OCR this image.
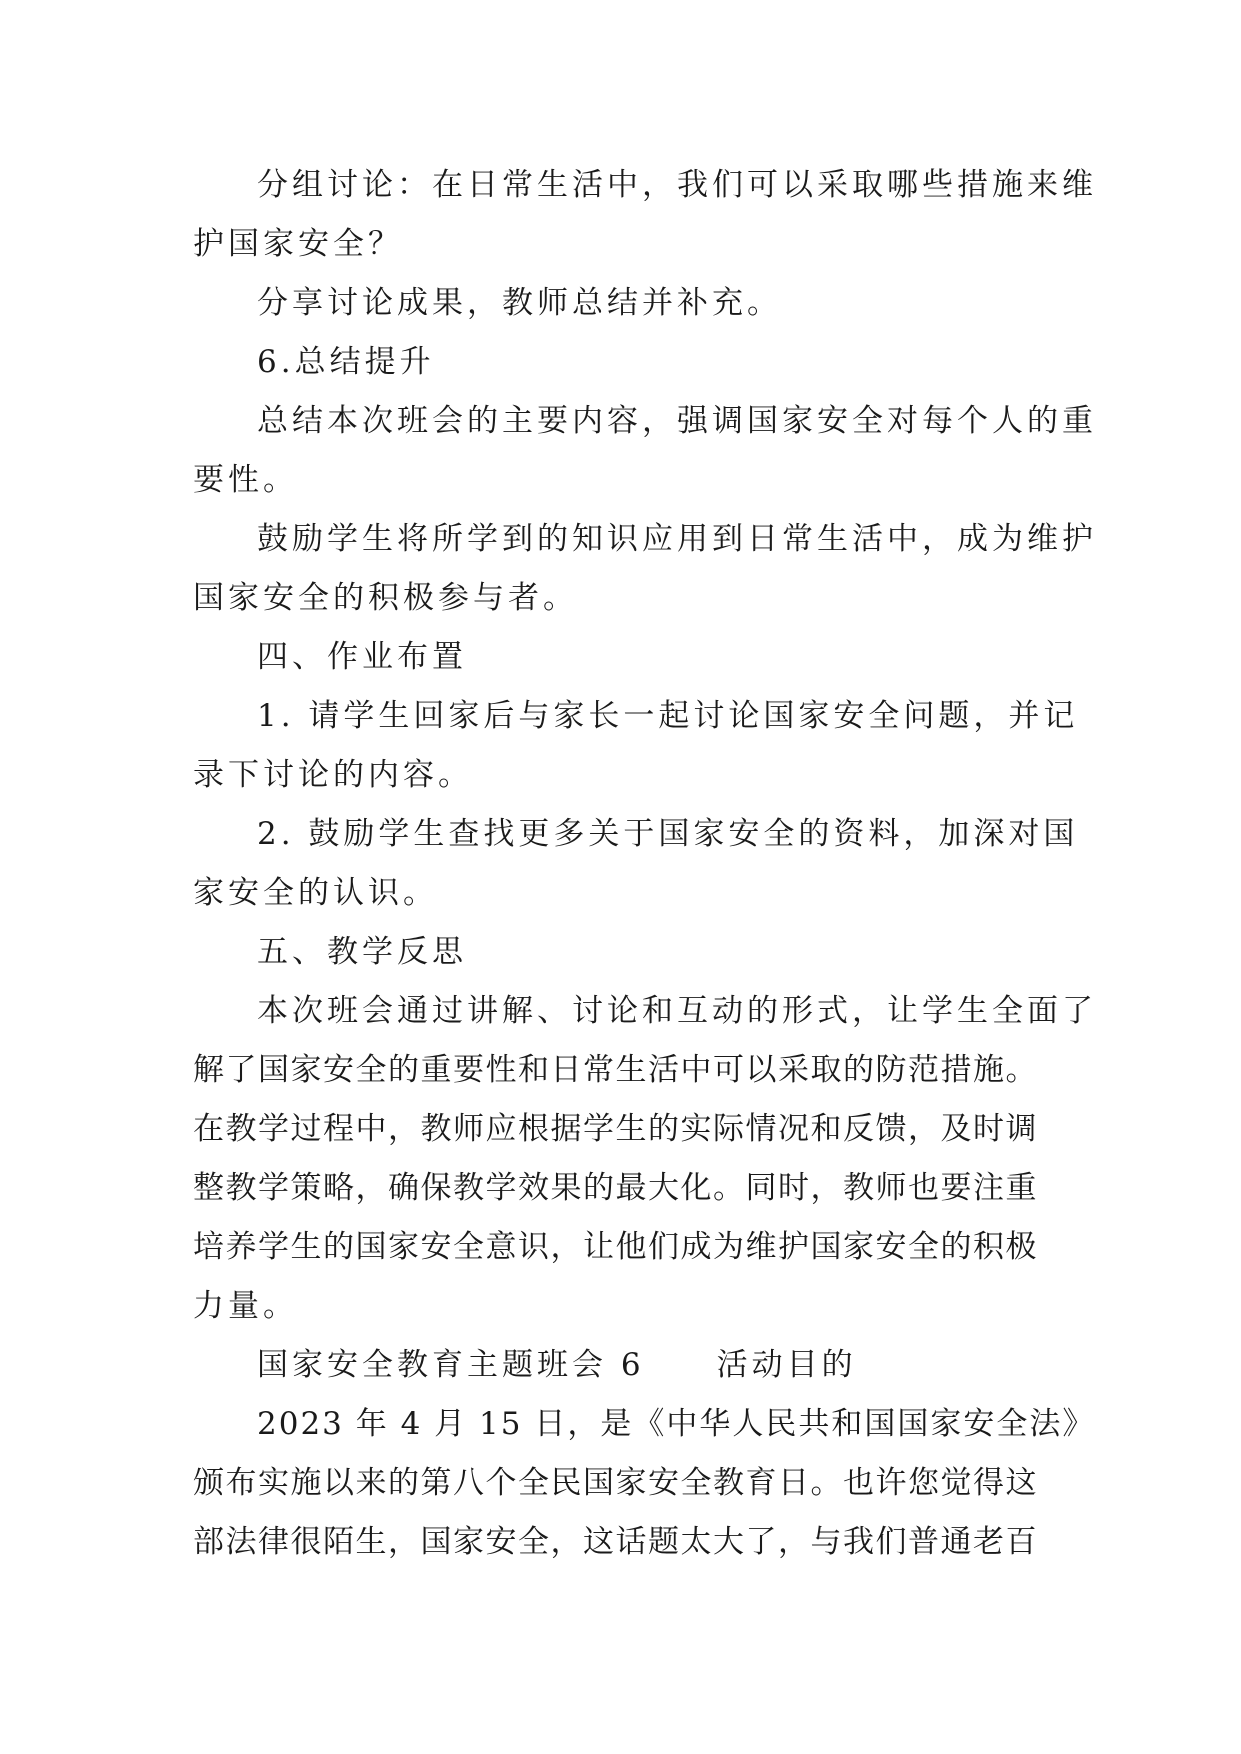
分组讨论：在日常生活中，我们可以采取哪些措施来维
护国家安全？
分享讨论成果，教师总结并补充。
6.总结提升
总结本次班会的主要内容，强调国家安全对每个人的重
要性。
鼓励学生将所学到的知识应用到日常生活中，成为维护
国家安全的积极参与者。
四、作业布置
1. 请学生回家后与家长一起讨论国家安全问题，并记
录下讨论的内容。
2. 鼓励学生查找更多关于国家安全的资料，加深对国
家安全的认识。
五、教学反思
本次班会通过讲解、讨论和互动的形式，让学生全面了
解了国家安全的重要性和日常生活中可以采取的防范措施。
在教学过程中，教师应根据学生的实际情况和反馈，及时调
整教学策略，确保教学效果的最大化。同时，教师也要注重
培养学生的国家安全意识，让他们成为维护国家安全的积极
力量。
国家安全教育主题班会 6 活动目的
2023 年 4 月 15 日，是《中华人民共和国国家安全法》
颁布实施以来的第八个全民国家安全教育日。也许您觉得这
部法律很陌生，国家安全，这话题太大了，与我们普通老百
